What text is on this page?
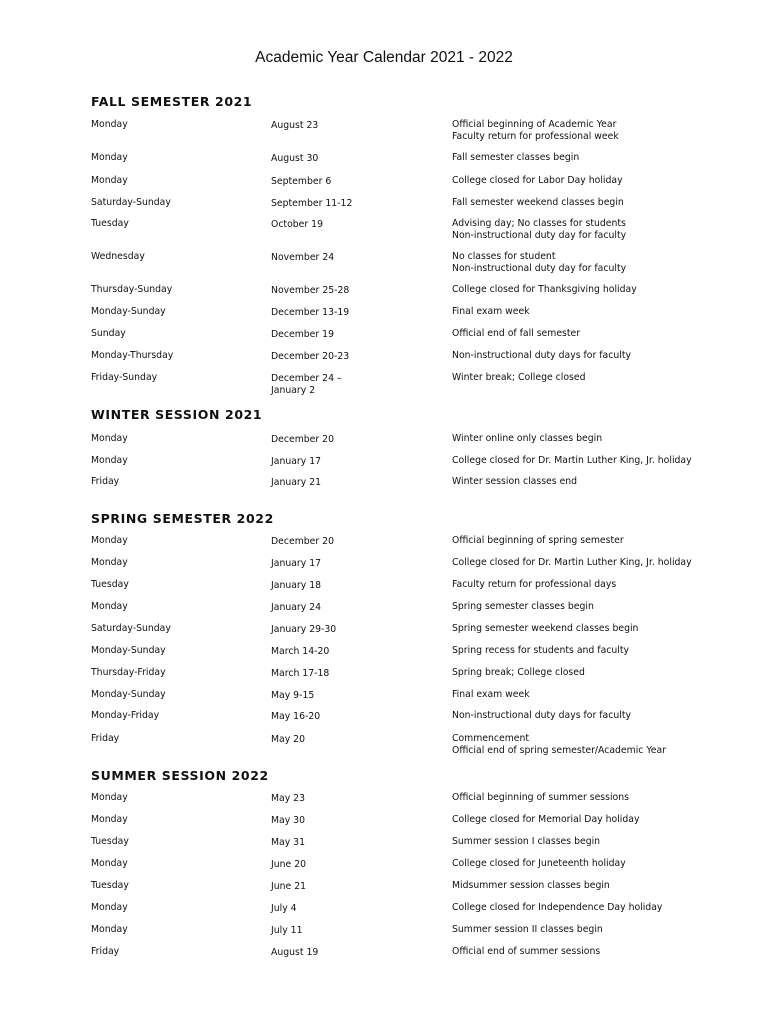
Academic Year Calendar 2021 - 2022
FALL SEMESTER 2021
Monday	August 23	Official beginning of Academic Year
Faculty return for professional week
Monday	August 30	Fall semester classes begin
Monday	September 6	College closed for Labor Day holiday
Saturday-Sunday	September 11-12	Fall semester weekend classes begin
Tuesday	October 19	Advising day; No classes for students
Non-instructional duty day for faculty
Wednesday	November 24	No classes for student
Non-instructional duty day for faculty
Thursday-Sunday	November 25-28	College closed for Thanksgiving holiday
Monday-Sunday	December 13-19	Final exam week
Sunday	December 19	Official end of fall semester
Monday-Thursday	December 20-23	Non-instructional duty days for faculty
Friday-Sunday	December 24 –
January 2
Winter break; College closed
WINTER SESSION 2021
Monday	December 20	Winter online only classes begin
Monday	January 17	College closed for Dr. Martin Luther King, Jr. holiday
Friday	January 21	Winter session classes end
SPRING SEMESTER 2022
Monday	December 20	Official beginning of spring semester
Monday	January 17	College closed for Dr. Martin Luther King, Jr. holiday
Tuesday	January 18	Faculty return for professional days
Monday	January 24	Spring semester classes begin
Saturday-Sunday	January 29-30	Spring semester weekend classes begin
Monday-Sunday	March 14-20	Spring recess for students and faculty
Thursday-Friday	March 17-18	Spring break; College closed
Monday-Sunday	May 9-15	Final exam week
Monday-Friday	May 16-20	Non-instructional duty days for faculty
Friday	May 20	Commencement
Official end of spring semester/Academic Year
SUMMER SESSION 2022
Monday	May 23	Official beginning of summer sessions
Monday	May 30	College closed for Memorial Day holiday
Tuesday	May 31	Summer session I classes begin
Monday	June 20	College closed for Juneteenth holiday
Tuesday	June 21	Midsummer session classes begin
Monday	July 4	College closed for Independence Day holiday
Monday	July 11	Summer session II classes begin
Friday	August 19	Official end of summer sessions
